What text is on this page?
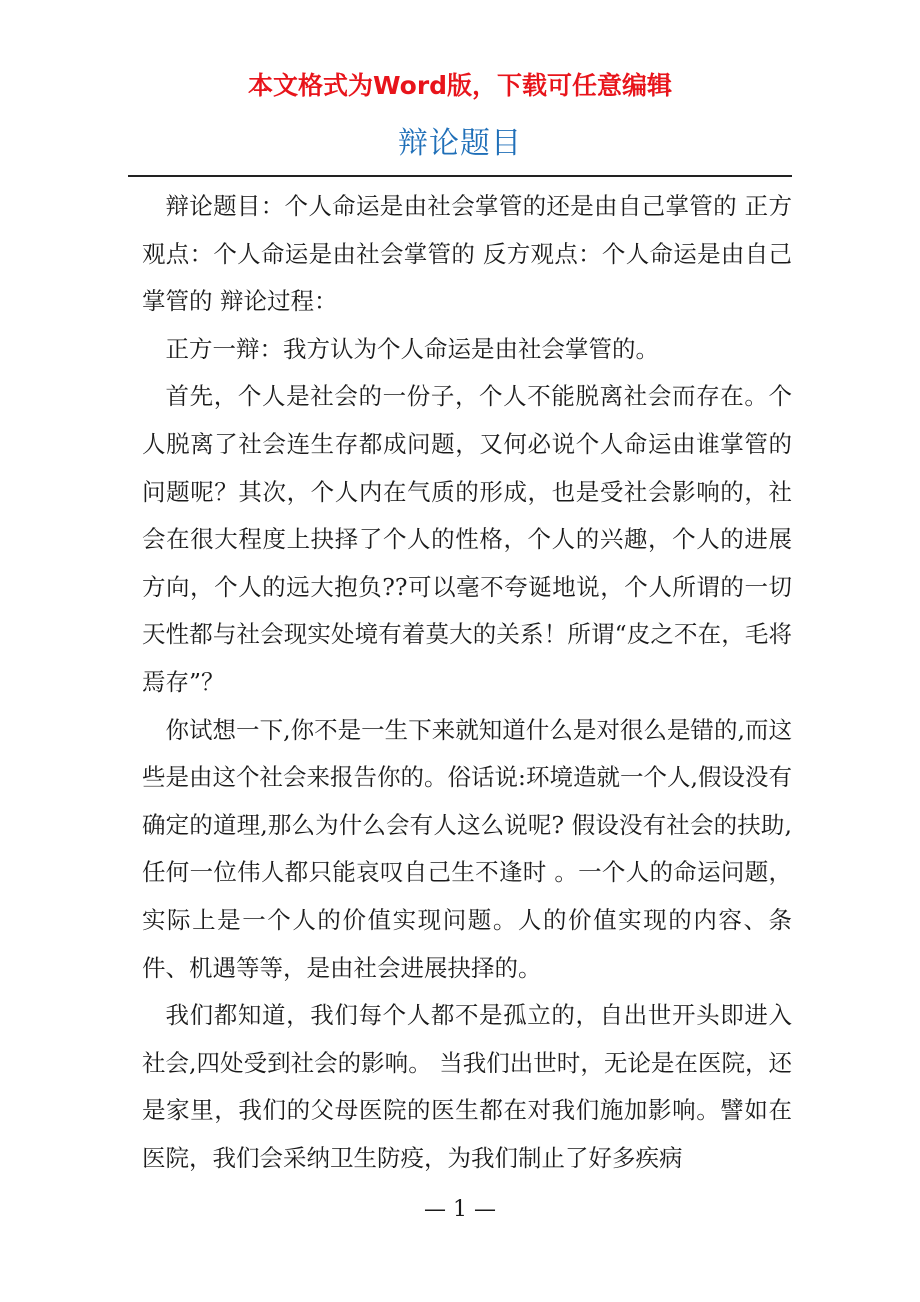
本文格式为Word版，下载可任意编辑
辩论题目

辩论题目：个人命运是由社会掌管的还是由自己掌管的 正方观点：个人命运是由社会掌管的 反方观点：个人命运是由自己掌管的 辩论过程：

正方一辩：我方认为个人命运是由社会掌管的。

首先，个人是社会的一份子，个人不能脱离社会而存在。个人脱离了社会连生存都成问题，又何必说个人命运由谁掌管的问题呢？其次，个人内在气质的形成，也是受社会影响的，社会在很大程度上抉择了个人的性格，个人的兴趣，个人的进展方向，个人的远大抱负??可以毫不夸诞地说，个人所谓的一切天性都与社会现实处境有着莫大的关系！所谓“皮之不在，毛将焉存”？

你试想一下,你不是一生下来就知道什么是对很么是错的,而这些是由这个社会来报告你的。俗话说:环境造就一个人,假设没有确定的道理,那么为什么会有人这么说呢? 假设没有社会的扶助,任何一位伟人都只能哀叹自己生不逢时 。一个人的命运问题，实际上是一个人的价值实现问题。人的价值实现的内容、条件、机遇等等，是由社会进展抉择的。

我们都知道，我们每个人都不是孤立的，自出世开头即进入社会,四处受到社会的影响。 当我们出世时，无论是在医院，还是家里，我们的父母医院的医生都在对我们施加影响。譬如在医院，我们会采纳卫生防疫，为我们制止了好多疾病

— 1 —
